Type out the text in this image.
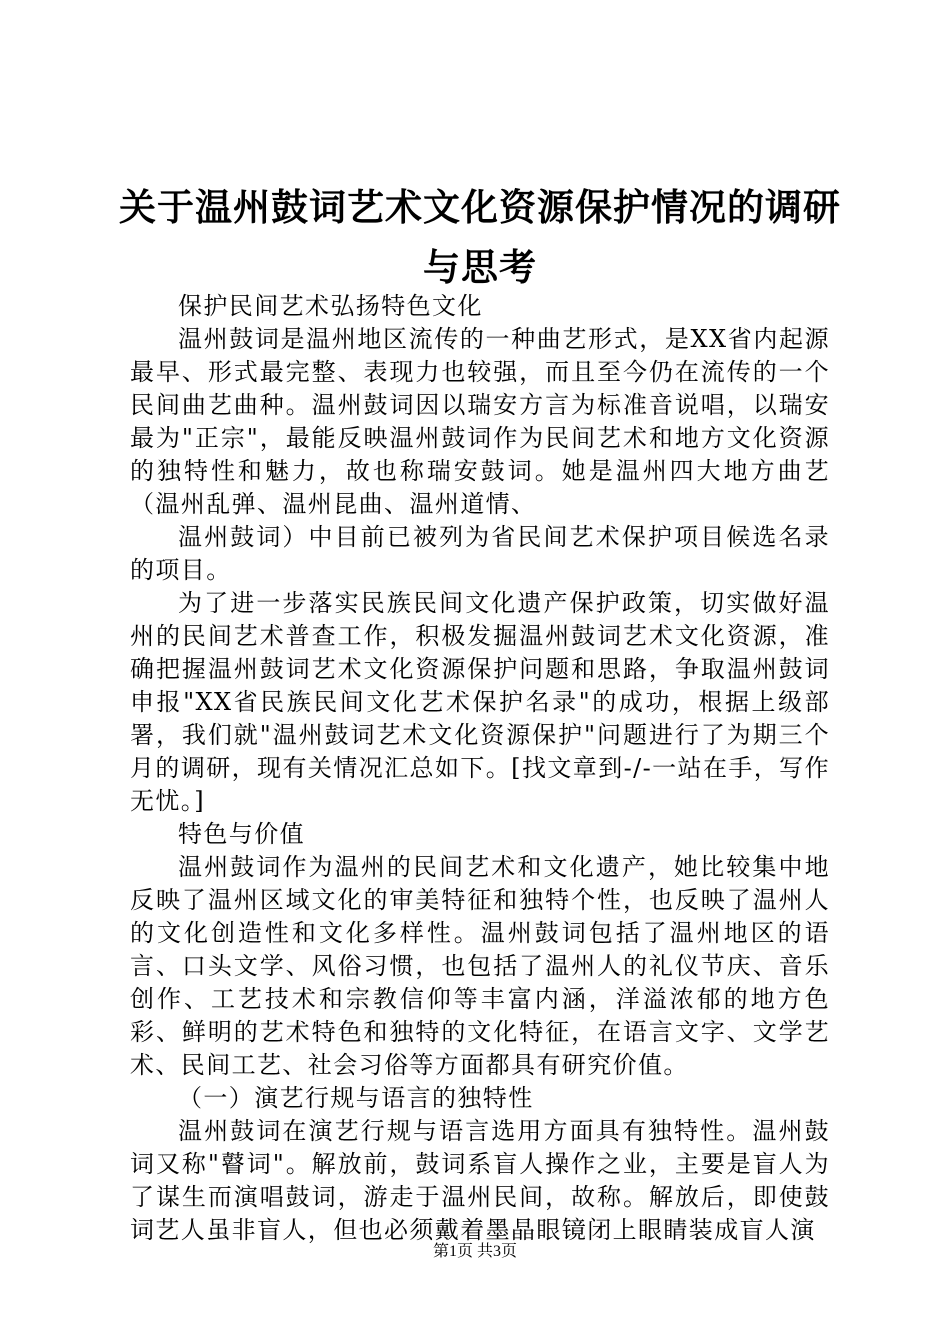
关于温州鼓词艺术文化资源保护情况的调研与思考

保护民间艺术弘扬特色文化

温州鼓词是温州地区流传的一种曲艺形式，是XX省内起源最早、形式最完整、表现力也较强，而且至今仍在流传的一个民间曲艺曲种。温州鼓词因以瑞安方言为标准音说唱，以瑞安最为"正宗"，最能反映温州鼓词作为民间艺术和地方文化资源的独特性和魅力，故也称瑞安鼓词。她是温州四大地方曲艺（温州乱弹、温州昆曲、温州道情、

温州鼓词）中目前已被列为省民间艺术保护项目候选名录的项目。

为了进一步落实民族民间文化遗产保护政策，切实做好温州的民间艺术普查工作，积极发掘温州鼓词艺术文化资源，准确把握温州鼓词艺术文化资源保护问题和思路，争取温州鼓词申报"XX省民族民间文化艺术保护名录"的成功，根据上级部署，我们就"温州鼓词艺术文化资源保护"问题进行了为期三个月的调研，现有关情况汇总如下。[找文章到-/-一站在手，写作无忧。]

特色与价值

温州鼓词作为温州的民间艺术和文化遗产，她比较集中地反映了温州区域文化的审美特征和独特个性，也反映了温州人的文化创造性和文化多样性。温州鼓词包括了温州地区的语言、口头文学、风俗习惯，也包括了温州人的礼仪节庆、音乐创作、工艺技术和宗教信仰等丰富内涵，洋溢浓郁的地方色彩、鲜明的艺术特色和独特的文化特征，在语言文字、文学艺术、民间工艺、社会习俗等方面都具有研究价值。

（一）演艺行规与语言的独特性

温州鼓词在演艺行规与语言选用方面具有独特性。温州鼓词又称"瞽词"。解放前，鼓词系盲人操作之业，主要是盲人为了谋生而演唱鼓词，游走于温州民间，故称。解放后，即使鼓词艺人虽非盲人，但也必须戴着墨晶眼镜闭上眼睛装成盲人演

第1页 共3页
